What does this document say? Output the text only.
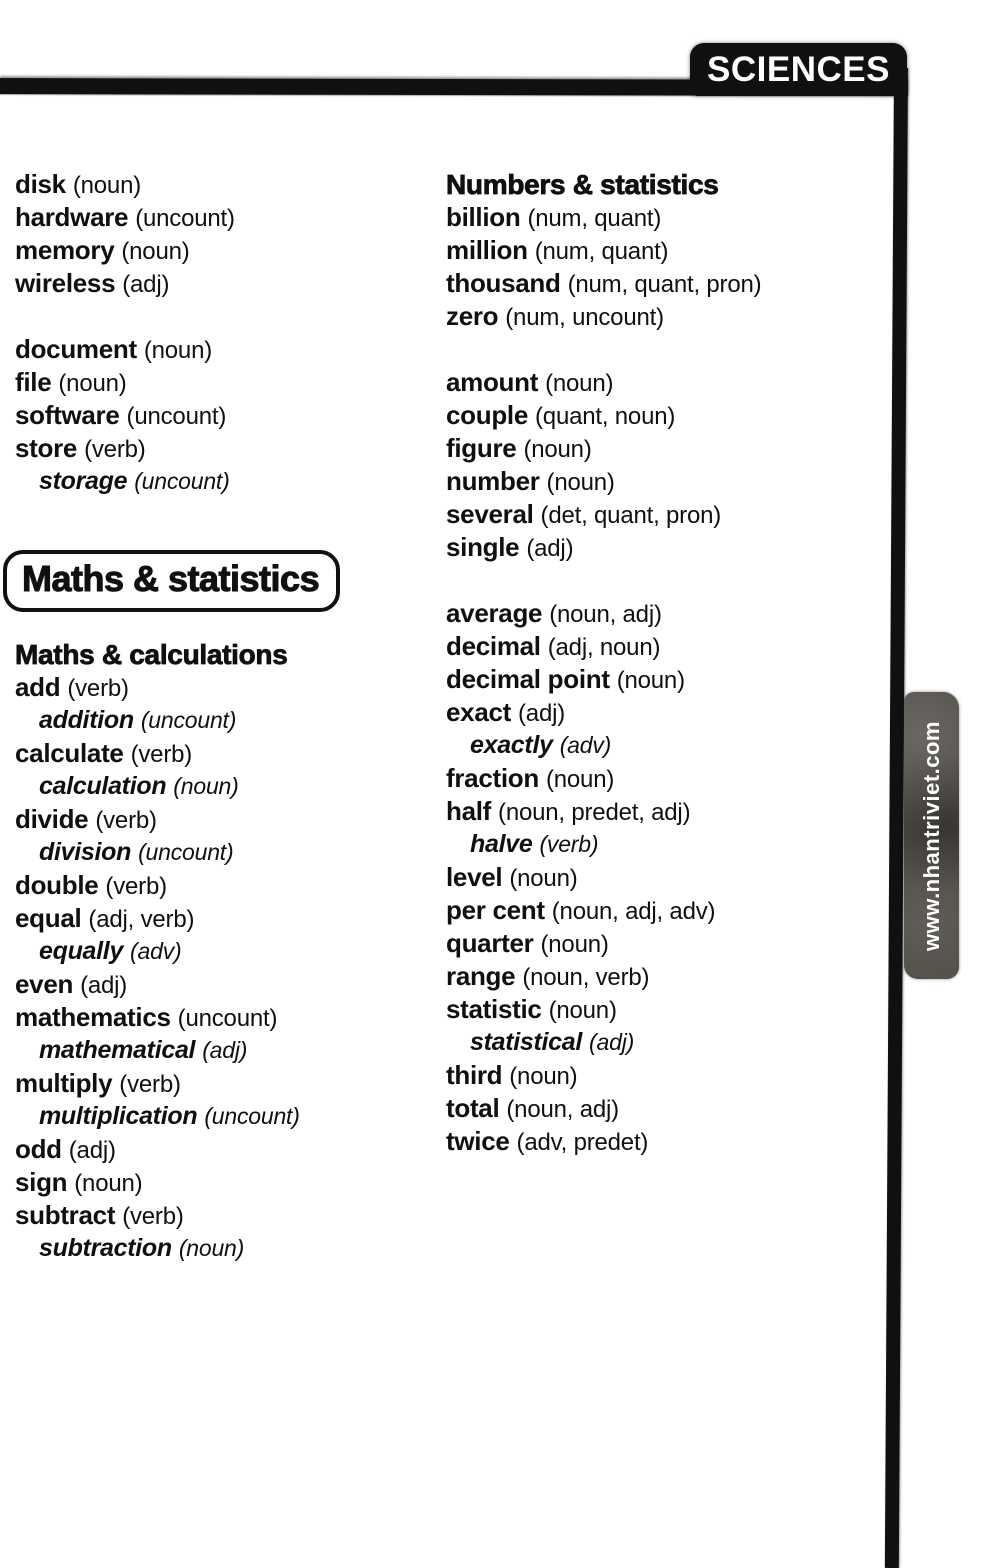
SCIENCES
www.nhantriviet.com
disk (noun)
hardware (uncount)
memory (noun)
wireless (adj)
document (noun)
file (noun)
software (uncount)
store (verb)
storage (uncount)
Maths & statistics
Maths & calculations
add (verb)
addition (uncount)
calculate (verb)
calculation (noun)
divide (verb)
division (uncount)
double (verb)
equal (adj, verb)
equally (adv)
even (adj)
mathematics (uncount)
mathematical (adj)
multiply (verb)
multiplication (uncount)
odd (adj)
sign (noun)
subtract (verb)
subtraction (noun)
Numbers & statistics
billion (num, quant)
million (num, quant)
thousand (num, quant, pron)
zero (num, uncount)
amount (noun)
couple (quant, noun)
figure (noun)
number (noun)
several (det, quant, pron)
single (adj)
average (noun, adj)
decimal (adj, noun)
decimal point (noun)
exact (adj)
exactly (adv)
fraction (noun)
half (noun, predet, adj)
halve (verb)
level (noun)
per cent (noun, adj, adv)
quarter (noun)
range (noun, verb)
statistic (noun)
statistical (adj)
third (noun)
total (noun, adj)
twice (adv, predet)
